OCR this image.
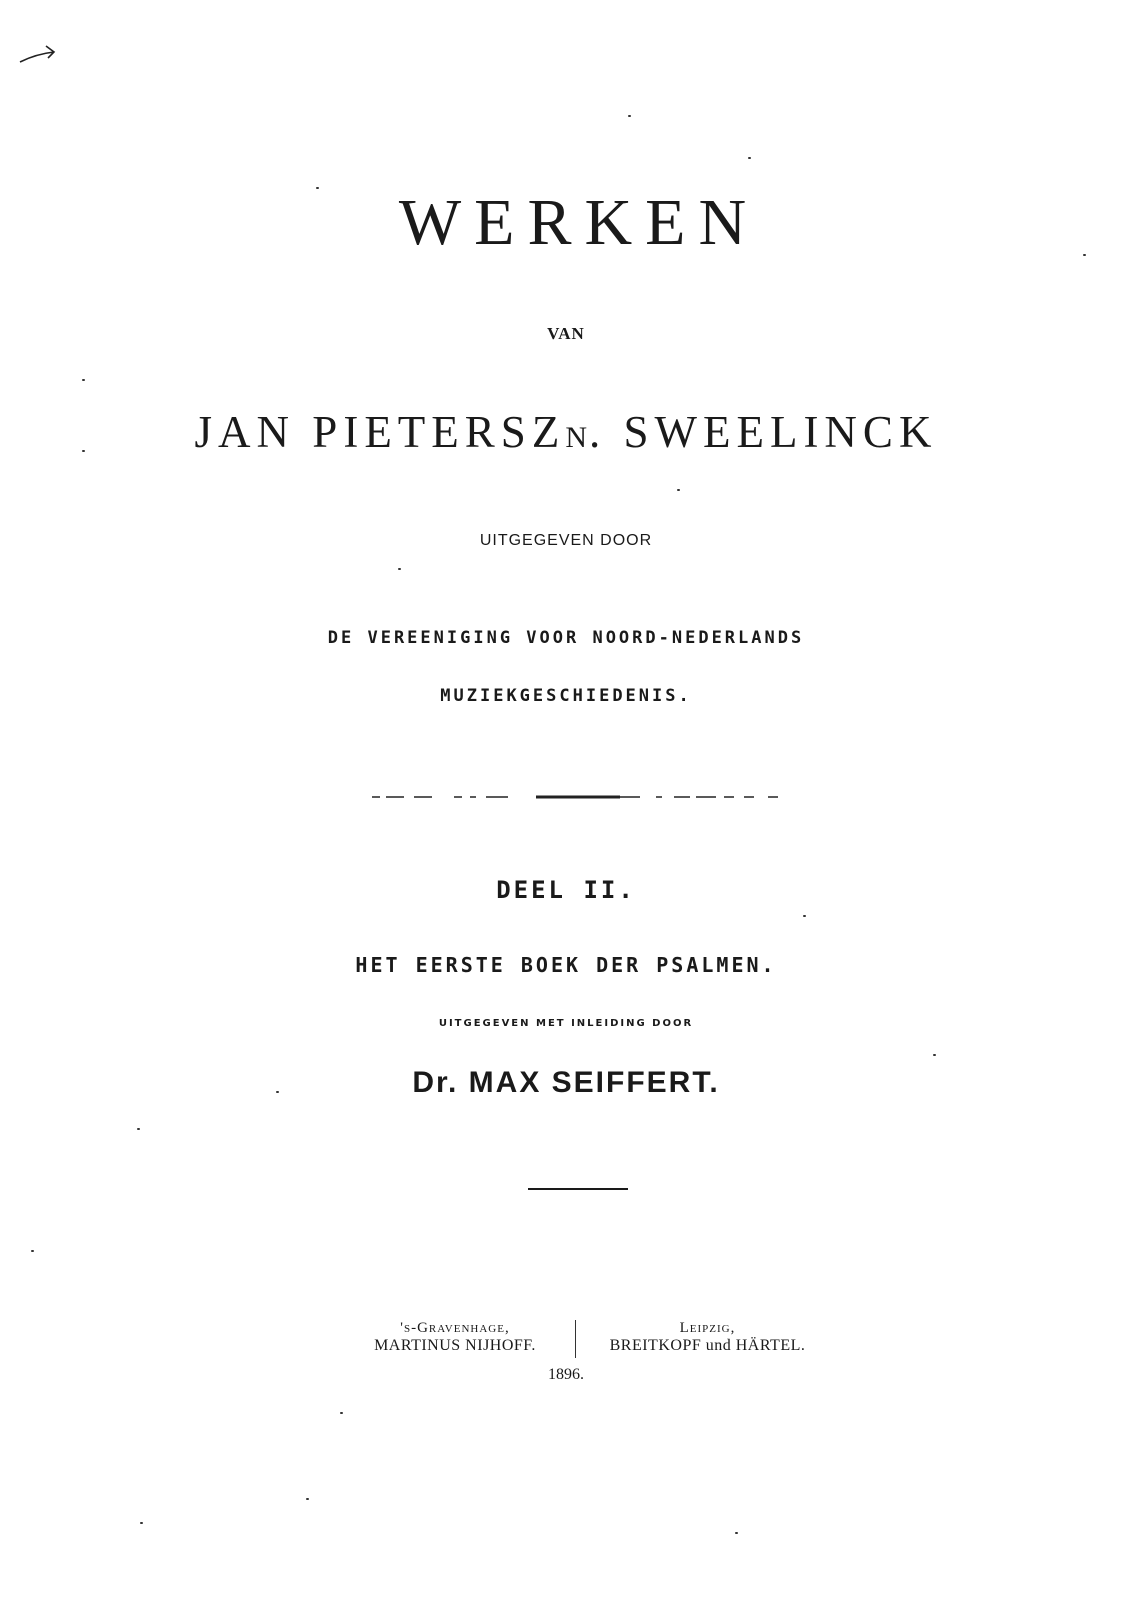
WERKEN
VAN
JAN PIETERSZN. SWEELINCK
UITGEGEVEN DOOR
DE VEREENIGING VOOR NOORD-NEDERLANDS
MUZIEKGESCHIEDENIS.
DEEL II.
HET EERSTE BOEK DER PSALMEN.
UITGEGEVEN MET INLEIDING DOOR
Dr. MAX SEIFFERT.
's-Gravenhage,
MARTINUS NIJHOFF.
Leipzig,
BREITKOPF und HÄRTEL.
1896.
